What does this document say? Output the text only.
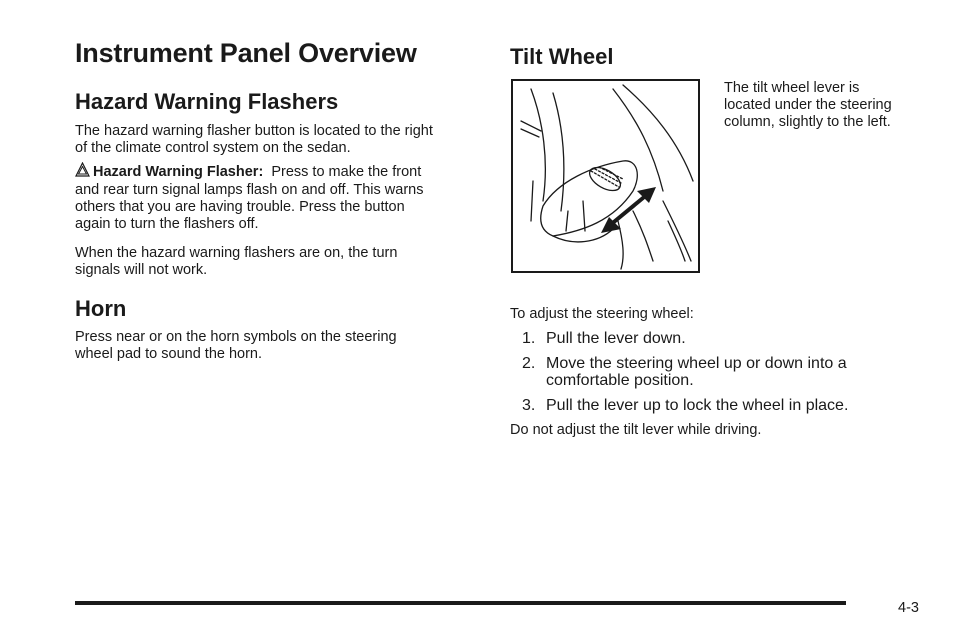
Instrument Panel Overview
Hazard Warning Flashers

The hazard warning flasher button is located to the right

of the climate control system on the sedan.

Hazard Warning Flasher: Press to make the front

and rear turn signal lamps flash on and off. This warns

others that you are having trouble. Press the button

again to turn the flashers off.

When the hazard warning flashers are on, the turn

signals will not work.

Horn

Press near or on the horn symbols on the steering

wheel pad to sound the horn.

Tilt Wheel

The tilt wheel lever is

located under the steering

column, slightly to the left.

To adjust the steering wheel:

1. Pull the lever down.
2. Move the steering wheel up or down into a
comfortable position.
3. Pull the lever up to lock the wheel in place.

Do not adjust the tilt lever while driving.

4-3
